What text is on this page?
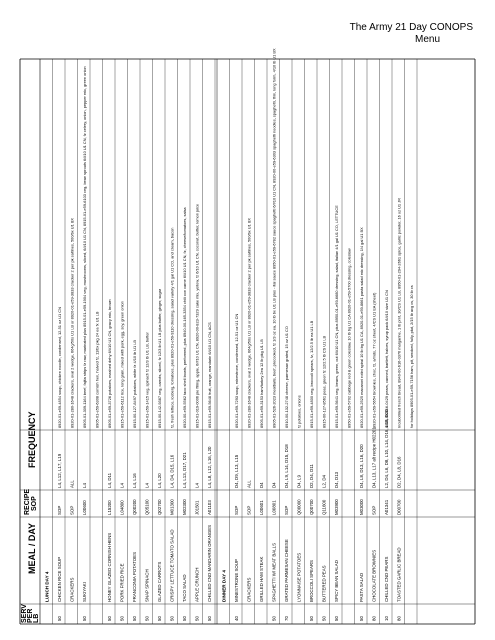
The Army 21 Day CONOPS
Menu
SERV PER LB
MEAL / DAY
RECIPE SOP
FREQUENCY
LUNCH DAY 4
50
CHICKEN RICE SOUP
SOP
L4, L12, L17, L19
8920-01-e59-4854 soup, chicken noodle, condensed, 12-51 oz U1 CN
CRACKERS
SOP
ALL
8920-01-280-1648 crackers, oval 2 wedge, 664g/50s U1 LB or 8920-01-e59-3833 cracker 2 per pk saltines, 500/bx U1 BX
50
SUKIYAKI
L00600
L4
8905-01-309-1164 beef, fajita strips fz raw, marinated plus 8915-01-e59-1904 veg, mushrooms, sliced, 6/#10 U1 CN, 8915-01-e59-6103 veg, bean sprouts 6/#10 U1 CN, fz celery, onion, pepper mix, green onion 8905-01-e59-6308 cornish hen, halved fz, 11/bx pkg 24 ea fx U1 LB
50
HONEY GLAZED CORNISH HENS
L15200
L4, D11
8905-01-e59-3726 potatoes, mashed dehy 6/#10 U1 CN, gravy mix, brown
50
PORK FRIED RICE
L04800
L4
8915-01-e59-6112 rice, long grain, mixed with pork, egg, soy, green onion
50
FRANCONIA POTATOES
Q00200
L4, L16
8915-00-127-8497 potatoes, white fz 4/10 lb U1 LB
50
SNAP SPINACH
Q05100
L4
8915-01-e59-1415 veg, spinach fz 12/3 lb U1 LB, butter
50
GLAZED CARROTS
Q02700
L4, L20
8915-00-142-9387 veg, carrots, sliced, fz 12/3 lb U1 LB plus butter, ginger, sugar
50
CRISPY LETTUCE TOMATO SALAD
M01300
L4, D4, D15, L16
fz, fresh lettuce, iceberg, tomatoes, plus 8920-01-e59-9110 dressing, salad variety 4/1 gal U1 CO, and cream, bacon
50
TACO SALAD
M02300
L4, L13, D17, D21
8920-00-e59-5562 taco shell bowls, preformed, plus 8940-00-165-3354 chili con carne 6/#10 U1 CN, fz, cheese/tomatoes, salsa
50
APPLE CRUNCH
J01501
L4
8915-01-019-0006 pie filling, apple, 6/#10 U1 CN, 8920-00-823-7329 cake mix, yellow, fz 6/10 U1 CN, coconut, butter, lemon juice
50
CHILLED CND MANDARIN ORANGES
A01103
L4, L8, L12, L16, L20
8915-01-e59-5648 fruit, orange, mandarin 6/#10 U1 CN, ACS
DINNER DAY 4
40
MINESTRONE SOUP
SOP
D4, D9, L13, L15
8920-01-e59-7293 soup, minestrone, condensed, 12-51 oz U1 CN
CRACKERS
SOP
ALL
8920-01-280-1648 crackers, oval 2 wedge, 664g/50s U1 LB or 8920-01-e59-3833 cracker 2 per pk saltines, 500/bx U1 BX
GRILLED HAM STEAK
L00601
D4
8905-01-e59-3153 ham/turkey 2ea 12 lb pkg U1 LB
50
SPAGHETTI W/ MEAT BALLS
L00801
D4
8905-01-526-2023 meatballs, beef, precooked, fz 1/3 oz ea, 10 lb bx U1 LB plus - ital sauce 8950-01-e59-6782 sauce spaghetti 6/#10 U1 CN, 8920-00-e59-6303 spaghetti noodles, spaghetti, thin, long form, 4/10 lb U1 BX
70
GRATED PARMESAN CHEESE
SOP
D4, L9, L14, D15, D18
8910-00-132-2748 cheese, parmesan grated, 15 oz U1 CO
LYONNAISE POTATOES
Q00000
D4, L9
fz potatoes, onions
50
BROCCOLI SPEARS
Q00700
D2, D4, D11
8915-01-e59-4800 veg, broccoli spears, fz, 12/2.5 lb ea U1 LB
50
BUTTERED PEAS
Q11600
L2, D4
8915-00-127-8561 peas, green fz 12/2.5 lb CS U1 LB
50
SPICY BEAN SALAD
M03900
D4, D13
8915-01-e59-5641 veg, beans, green, cut 6/#10 U1 CN, plus 8950-01-e59-6680 dressing, salad, italian 4/1 gal U1 CO, LETTUCE 8950-01-e59-5702 cabbage red & green coleslaw, 10 lb bg U1 CA 8920-01-e59-5700 dressing, coleslaw
50
PASTA SALAD
M03000
D4, L8, D13, L16, D20
8920-01-e59-2525 macaroni rotini spiral 10 lb bg U1 CA, 8920-01-e59-8661 pasta salad mix dressing, 1/4 gal U1 BX
80
CHOCOLATE BROWNIES
SOP
D4, L13, L17 alt recipe H02201
8920-01-e59-5654 brownies, choc, fz, a/mds, 77 oz sheet, 4/CS U1 EA (sheet)
10
CHILLED CND PEARS
A01341
L2, D4, L6, D8, L10, L14, D16, L18, D20
8915-00-616-0429 pears, canned, bartlett, halves, syrup pack 6/#10 size U1 CN
80
TOASTED GARLIC BREAD
D00700
D2, D4, L8, D16
Incubotriled french bread, 8940-00-616-0376 margarine, 1 lb prnt, 30/CS U1 LB, 8950-01-294-2661 spice, garlic powder, 16 oz U1 JR for holidays 8905-01-e59-7156 ham, pit, smoked, fully, pkd, 2/15 lb avg cs, 30 lb cs
